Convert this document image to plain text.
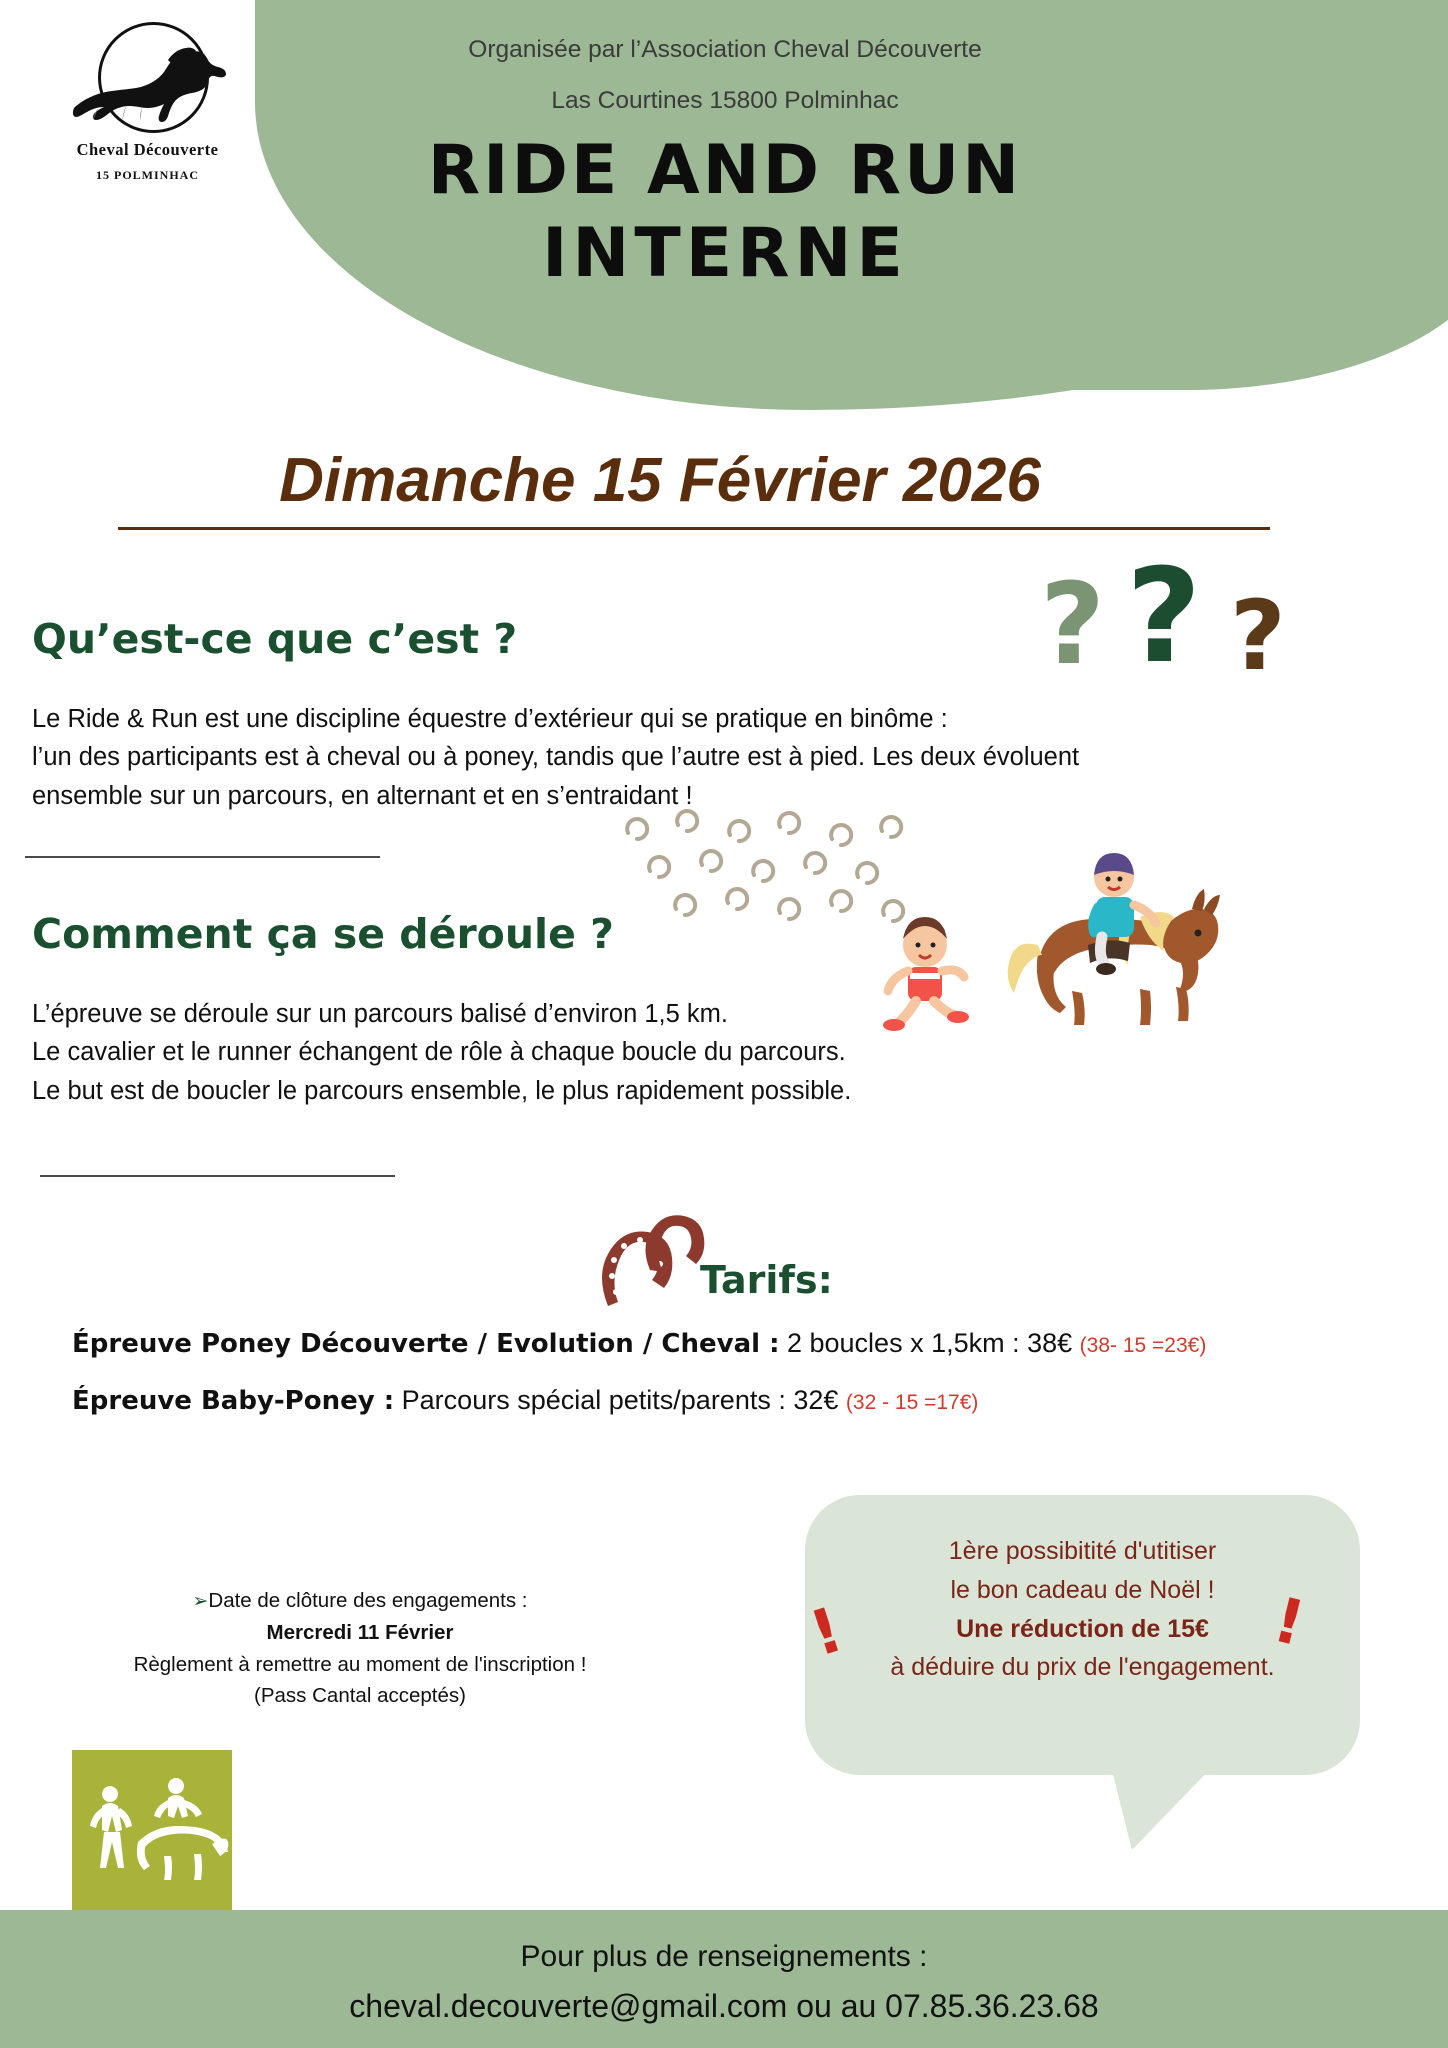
Cheval Découverte
15 POLMINHAC
Organisée par l’Association Cheval Découverte
Las Courtines 15800 Polminhac
RIDE AND RUN
INTERNE
Dimanche 15 Février 2026
? ? ?
Qu’est-ce que c’est ?
Le Ride & Run est une discipline équestre d’extérieur qui se pratique en binôme :
l’un des participants est à cheval ou à poney, tandis que l’autre est à pied. Les deux évoluent
ensemble sur un parcours, en alternant et en s’entraidant !
Comment ça se déroule ?
L’épreuve se déroule sur un parcours balisé d’environ 1,5 km.
Le cavalier et le runner échangent de rôle à chaque boucle du parcours.
Le but est de boucler le parcours ensemble, le plus rapidement possible.
Tarifs:
Épreuve Poney Découverte / Evolution / Cheval : 2 boucles x 1,5km : 38€ (38- 15 =23€)
Épreuve Baby-Poney : Parcours spécial petits/parents : 32€ (32 - 15 =17€)
➢Date de clôture des engagements :
Mercredi 11 Février
Règlement à remettre au moment de l'inscription !
(Pass Cantal acceptés)
!	!
1ère possibitité d'utitiser
le bon cadeau de Noël !
Une réduction de 15€
à déduire du prix de l'engagement.
Pour plus de renseignements :
cheval.decouverte@gmail.com ou au 07.85.36.23.68
